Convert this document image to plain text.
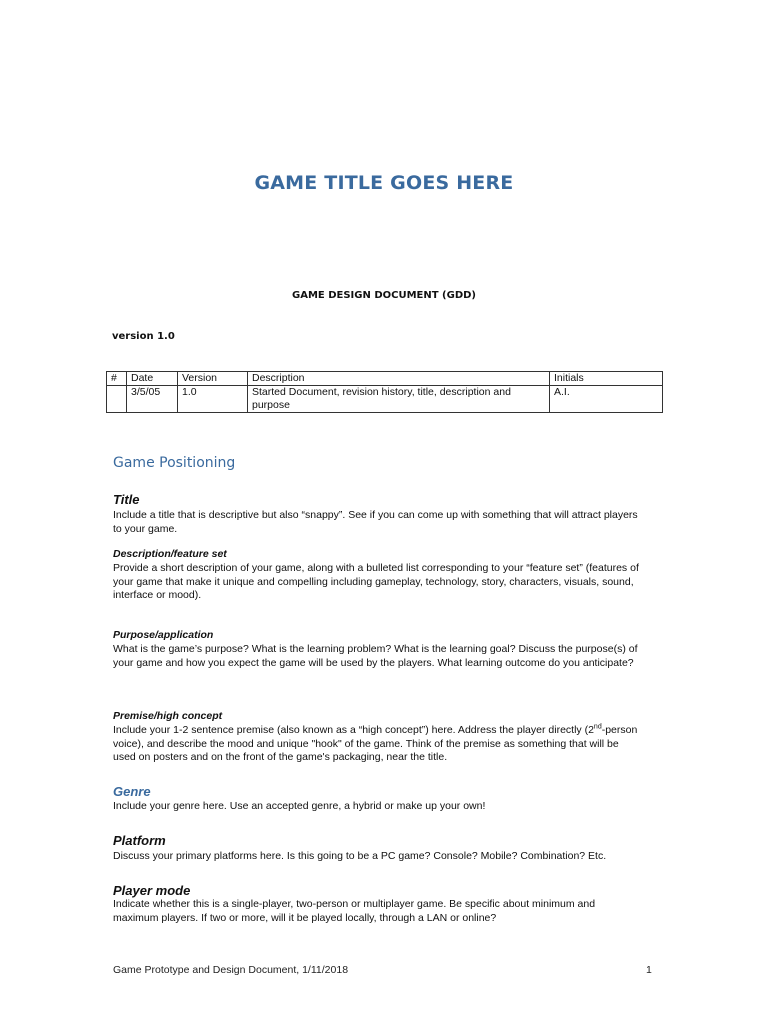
GAME TITLE GOES HERE
GAME DESIGN DOCUMENT (GDD)
version 1.0
#	Date	Version	Description	Initials
	3/5/05	1.0	Started Document, revision history, title, description and purpose	A.I.
Game Positioning
Title
Include a title that is descriptive but also “snappy”. See if you can come up with something that will attract players to your game.
Description/feature set
Provide a short description of your game, along with a bulleted list corresponding to your “feature set” (features of your game that make it unique and compelling including gameplay, technology, story, characters, visuals, sound, interface or mood).
Purpose/application
What is the game’s purpose? What is the learning problem? What is the learning goal? Discuss the purpose(s) of your game and how you expect the game will be used by the players. What learning outcome do you anticipate?
Premise/high concept
Include your 1-2 sentence premise (also known as a “high concept”) here. Address the player directly (2nd-person voice), and describe the mood and unique "hook" of the game. Think of the premise as something that will be used on posters and on the front of the game's packaging, near the title.
Genre
Include your genre here. Use an accepted genre, a hybrid or make up your own!
Platform
Discuss your primary platforms here. Is this going to be a PC game? Console? Mobile? Combination? Etc.
Player mode
Indicate whether this is a single-player, two-person or multiplayer game. Be specific about minimum and maximum players. If two or more, will it be played locally, through a LAN or online?
Game Prototype and Design Document, 1/11/2018	1
